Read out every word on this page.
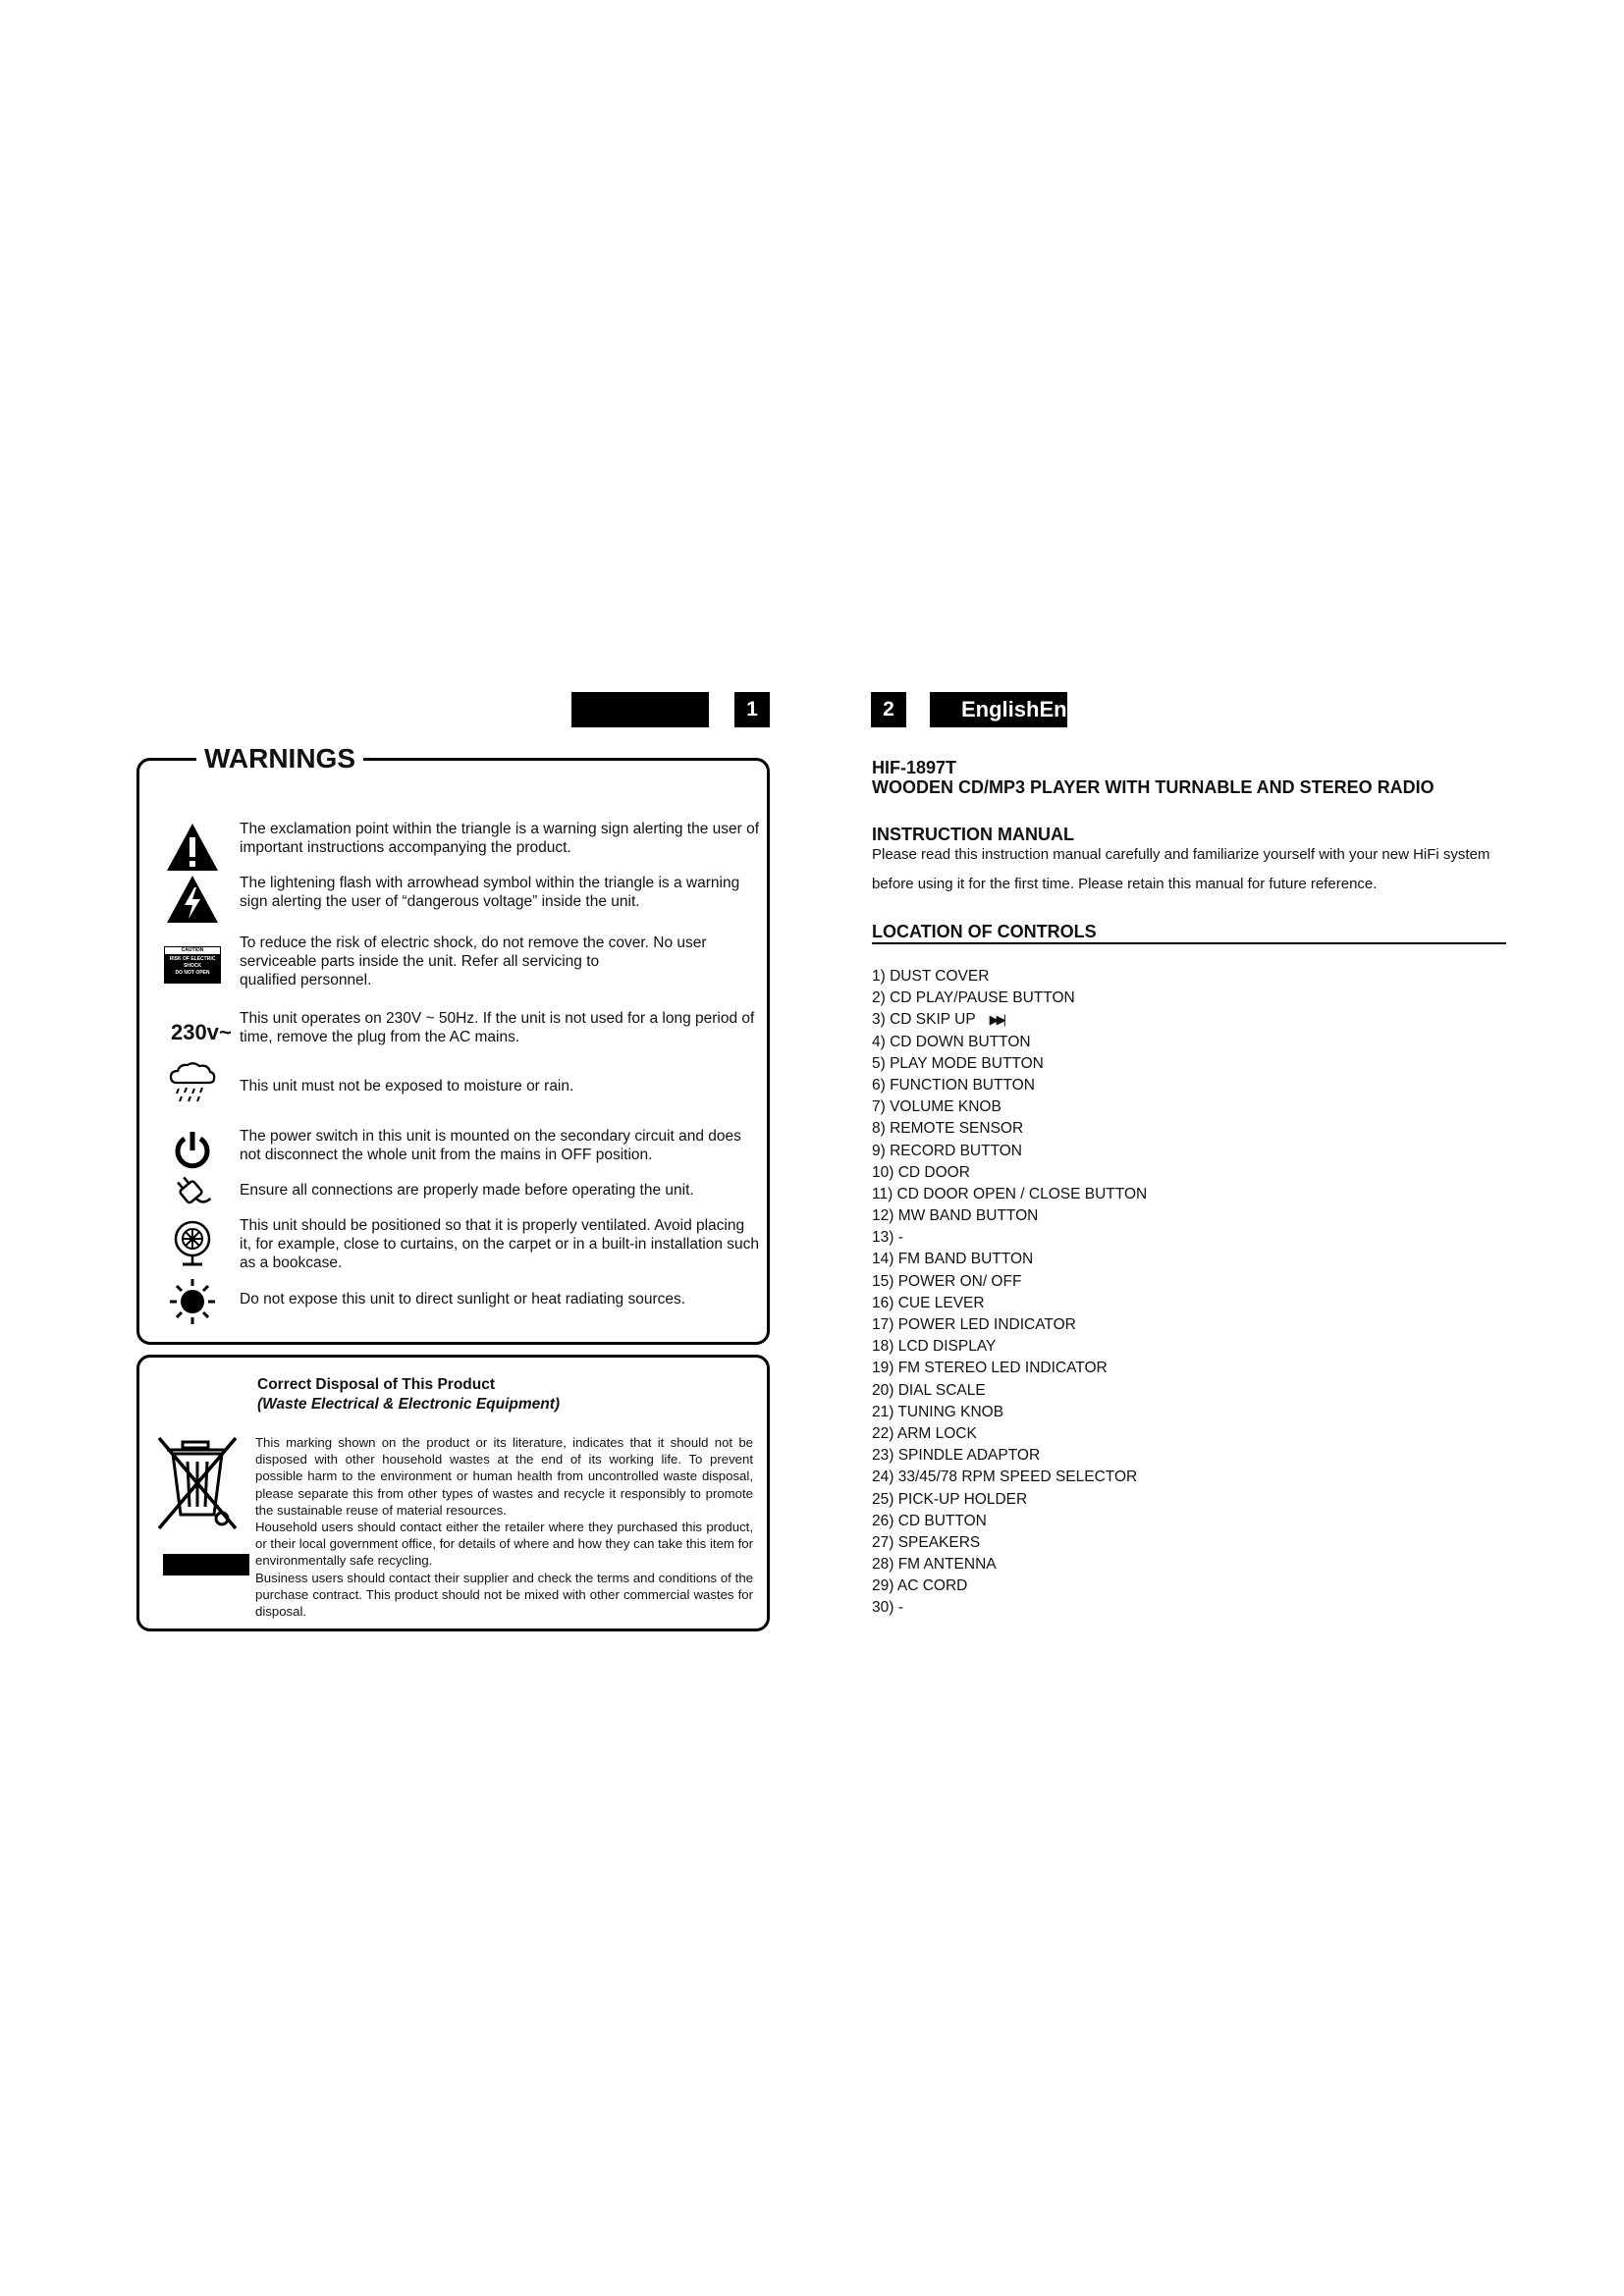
1	2	EnglishEng
WARNINGS
The exclamation point within the triangle is a warning sign alerting the user of important instructions accompanying the product.
The lightening flash with arrowhead symbol within the triangle is a warning sign alerting the user of “dangerous voltage” inside the unit.
CAUTION
RISK OF ELECTRIC
SHOCK
DO NOT OPEN
To reduce the risk of electric shock, do not remove the cover. No user serviceable parts inside the unit. Refer all servicing to
qualified personnel.
230v~
This unit operates on 230V ~ 50Hz. If the unit is not used for a long period of time, remove the plug from the AC mains.
This unit must not be exposed to moisture or rain.
The power switch in this unit is mounted on the secondary circuit and does not disconnect the whole unit from the mains in OFF position.
Ensure all connections are properly made before operating the unit.
This unit should be positioned so that it is properly ventilated. Avoid placing it, for example, close to curtains, on the carpet or in a built-in installation such as a bookcase.
Do not expose this unit to direct sunlight or heat radiating sources.
Correct Disposal of This Product
(Waste Electrical & Electronic Equipment)
This marking shown on the product or its literature, indicates that it should not be disposed with other household wastes at the end of its working life. To prevent possible harm to the environment or human health from uncontrolled waste disposal, please separate this from other types of wastes and recycle it responsibly to promote the sustainable reuse of material resources.
Household users should contact either the retailer where they purchased this product, or their local government office, for details of where and how they can take this item for environmentally safe recycling.
Business users should contact their supplier and check the terms and conditions of the purchase contract. This product should not be mixed with other commercial wastes for disposal.
HIF-1897T
WOODEN CD/MP3 PLAYER WITH TURNABLE AND STEREO RADIO
INSTRUCTION MANUAL
Please read this instruction manual carefully and familiarize yourself with your new HiFi system before using it for the first time. Please retain this manual for future reference.
LOCATION OF CONTROLS
1) DUST COVER
2) CD PLAY/PAUSE BUTTON
3) CD SKIP UP ▶▶|
4) CD DOWN BUTTON
5) PLAY MODE BUTTON
6) FUNCTION BUTTON
7) VOLUME KNOB
8) REMOTE SENSOR
9) RECORD BUTTON
10) CD DOOR
11) CD DOOR OPEN / CLOSE BUTTON
12) MW BAND BUTTON
13) -
14) FM BAND BUTTON
15) POWER ON/ OFF
16) CUE LEVER
17) POWER LED INDICATOR
18) LCD DISPLAY
19) FM STEREO LED INDICATOR
20) DIAL SCALE
21) TUNING KNOB
22) ARM LOCK
23) SPINDLE ADAPTOR
24) 33/45/78 RPM SPEED SELECTOR
25) PICK-UP HOLDER
26) CD BUTTON
27) SPEAKERS
28) FM ANTENNA
29) AC CORD
30) -
